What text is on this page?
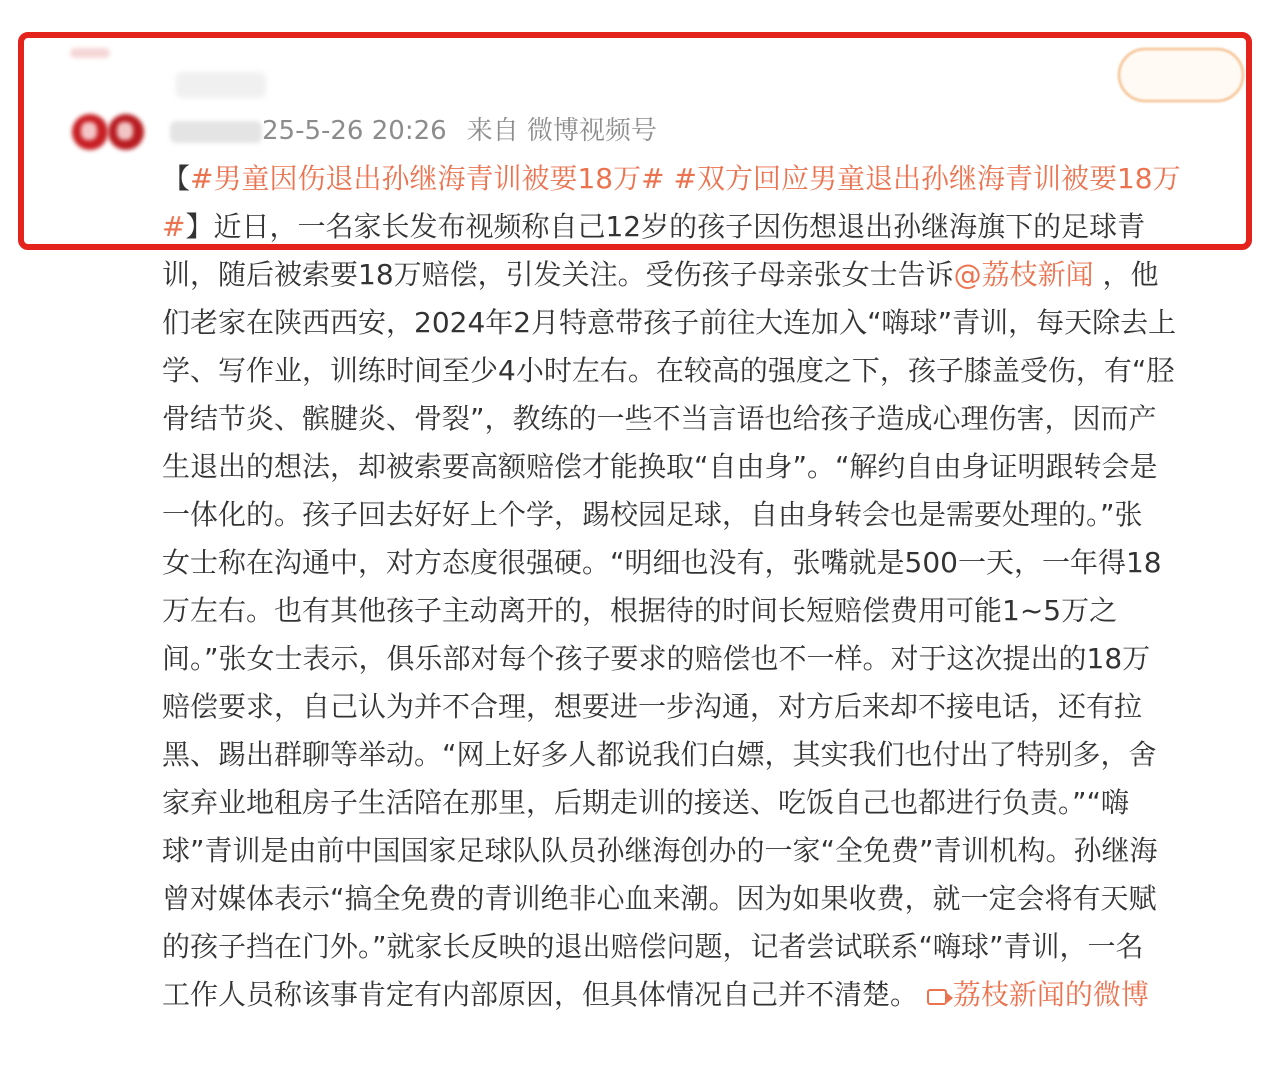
25-5-26 20:26 来自 微博视频号
【#男童因伤退出孙继海青训被要18万# #双方回应男童退出孙继海青训被要18万
#】近日，一名家长发布视频称自己12岁的孩子因伤想退出孙继海旗下的足球青
训，随后被索要18万赔偿，引发关注。受伤孩子母亲张女士告诉@荔枝新闻 ，他
们老家在陕西西安，2024年2月特意带孩子前往大连加入“嗨球”青训，每天除去上
学、写作业，训练时间至少4小时左右。在较高的强度之下，孩子膝盖受伤，有“胫
骨结节炎、髌腱炎、骨裂”，教练的一些不当言语也给孩子造成心理伤害，因而产
生退出的想法，却被索要高额赔偿才能换取“自由身”。“解约自由身证明跟转会是
一体化的。孩子回去好好上个学，踢校园足球，自由身转会也是需要处理的。”张
女士称在沟通中，对方态度很强硬。“明细也没有，张嘴就是500一天，一年得18
万左右。也有其他孩子主动离开的，根据待的时间长短赔偿费用可能1~5万之
间。”张女士表示，俱乐部对每个孩子要求的赔偿也不一样。对于这次提出的18万
赔偿要求，自己认为并不合理，想要进一步沟通，对方后来却不接电话，还有拉
黑、踢出群聊等举动。“网上好多人都说我们白嫖，其实我们也付出了特别多，舍
家弃业地租房子生活陪在那里，后期走训的接送、吃饭自己也都进行负责。”“嗨
球”青训是由前中国国家足球队队员孙继海创办的一家“全免费”青训机构。孙继海
曾对媒体表示“搞全免费的青训绝非心血来潮。因为如果收费，就一定会将有天赋
的孩子挡在门外。”就家长反映的退出赔偿问题，记者尝试联系“嗨球”青训，一名
工作人员称该事肯定有内部原因，但具体情况自己并不清楚。 荔枝新闻的微博
